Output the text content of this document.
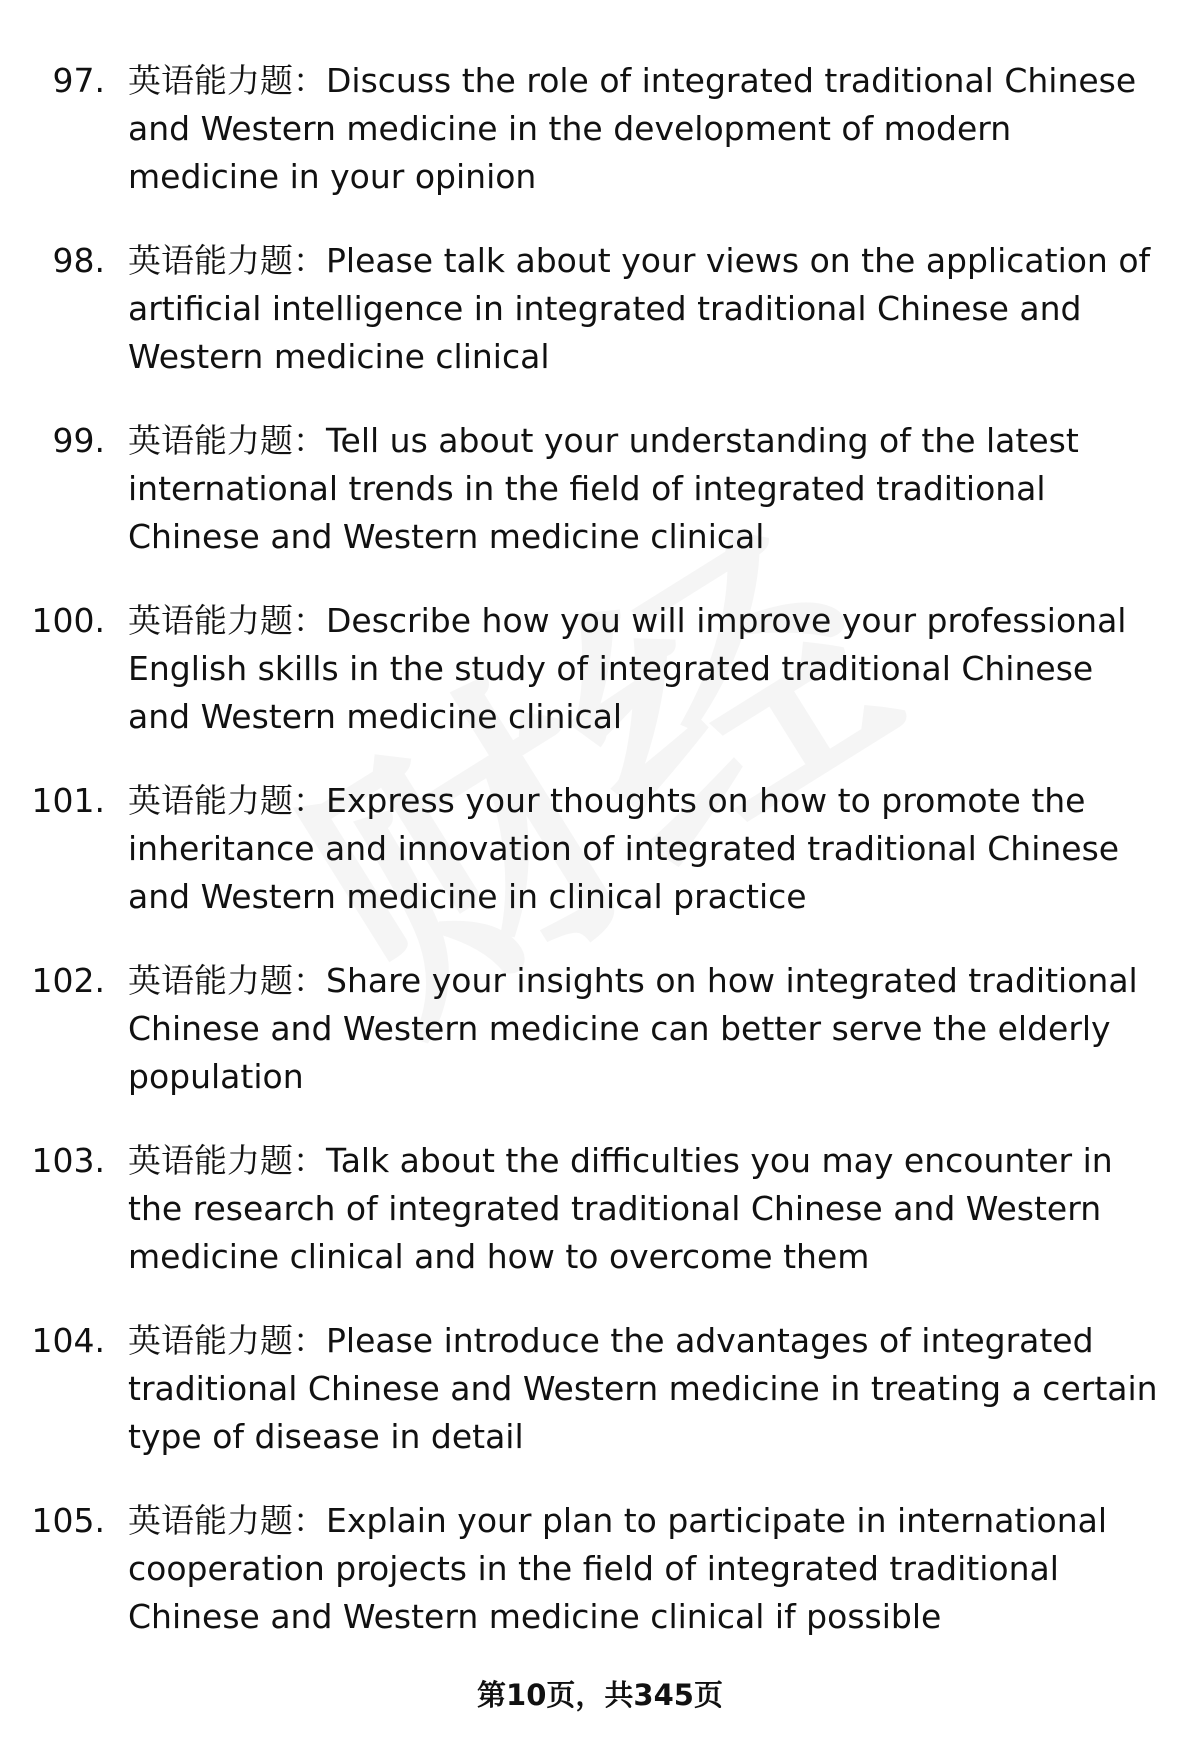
97. 英语能力题：Discuss the role of integrated traditional Chinese and Western medicine in the development of modern medicine in your opinion
98. 英语能力题：Please talk about your views on the application of artificial intelligence in integrated traditional Chinese and Western medicine clinical
99. 英语能力题：Tell us about your understanding of the latest international trends in the field of integrated traditional Chinese and Western medicine clinical
100. 英语能力题：Describe how you will improve your professional English skills in the study of integrated traditional Chinese and Western medicine clinical
101. 英语能力题：Express your thoughts on how to promote the inheritance and innovation of integrated traditional Chinese and Western medicine in clinical practice
102. 英语能力题：Share your insights on how integrated traditional Chinese and Western medicine can better serve the elderly population
103. 英语能力题：Talk about the difficulties you may encounter in the research of integrated traditional Chinese and Western medicine clinical and how to overcome them
104. 英语能力题：Please introduce the advantages of integrated traditional Chinese and Western medicine in treating a certain type of disease in detail
105. 英语能力题：Explain your plan to participate in international cooperation projects in the field of integrated traditional Chinese and Western medicine clinical if possible
第10页，共345页
